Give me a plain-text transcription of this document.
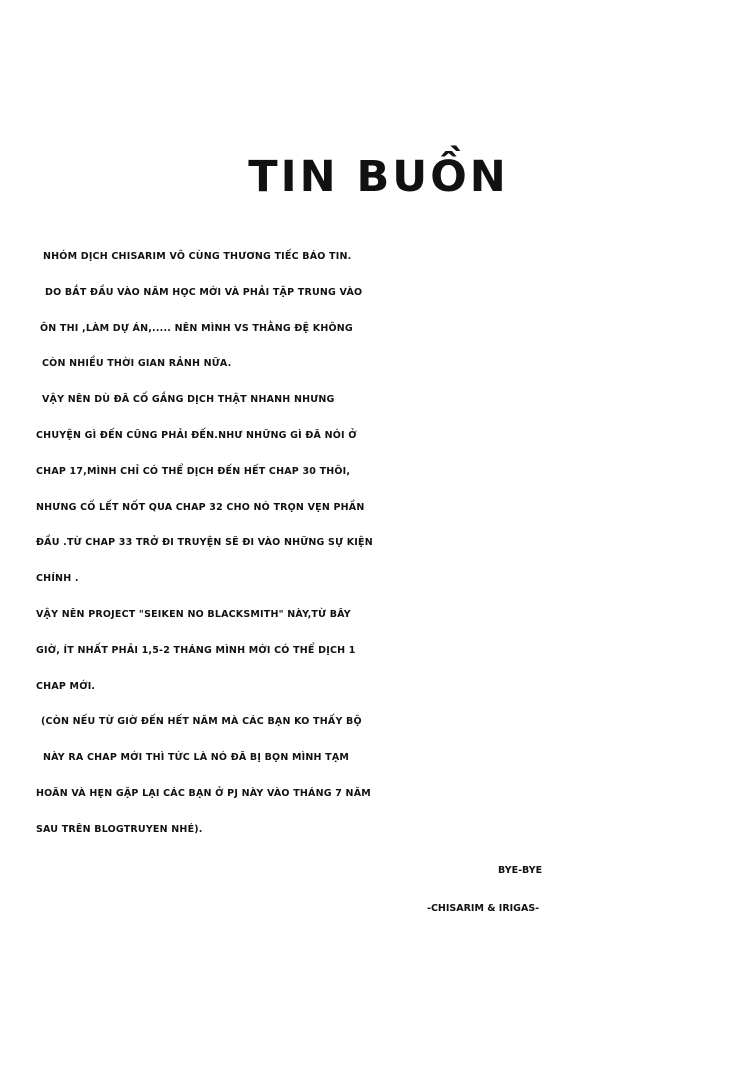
TIN BUỒN
NHÓM DỊCH CHISARIM VÔ CÙNG THƯƠNG TIẾC BÁO TIN.
DO BẮT ĐẦU VÀO NĂM HỌC MỚI VÀ PHẢI TẬP TRUNG VÀO
ÔN THI ,LÀM DỰ ÁN,..... NÊN MÌNH VS THẰNG ĐỆ KHÔNG
CÒN NHIỀU THỜI GIAN RẢNH NỮA.
VẬY NÊN DÙ ĐÃ CỐ GẮNG DỊCH THẬT NHANH NHƯNG
CHUYỆN GÌ ĐẾN CŨNG PHẢI ĐẾN.NHƯ NHỮNG GÌ ĐÃ NÓI Ở
CHAP 17,MÌNH CHỈ CÓ THỂ DỊCH ĐẾN HẾT CHAP 30 THÔI,
NHƯNG CỐ LẾT NỐT QUA CHAP 32 CHO NÓ TRỌN VẸN PHẦN
ĐẦU .TỪ CHAP 33 TRỞ ĐI TRUYỆN SẼ ĐI VÀO NHỮNG SỰ KIỆN
CHÍNH .
VẬY NÊN PROJECT "SEIKEN NO BLACKSMITH" NÀY,TỪ BÂY
GIỜ, ÍT NHẤT PHẢI 1,5-2 THÁNG MÌNH MỚI CÓ THỂ DỊCH 1
CHAP MỚI.
(CÒN NẾU TỪ GIỜ ĐẾN HẾT NĂM MÀ CÁC BẠN KO THẤY BỘ
NÀY RA CHAP MỚI THÌ TỨC LÀ NÓ ĐÃ BỊ BỌN MÌNH TẠM
HOÃN VÀ HẸN GẶP LẠI CÁC BẠN Ở PJ NÀY VÀO THÁNG 7 NĂM
SAU TRÊN BLOGTRUYEN NHÉ).
BYE-BYE
-CHISARIM & IRIGAS-
